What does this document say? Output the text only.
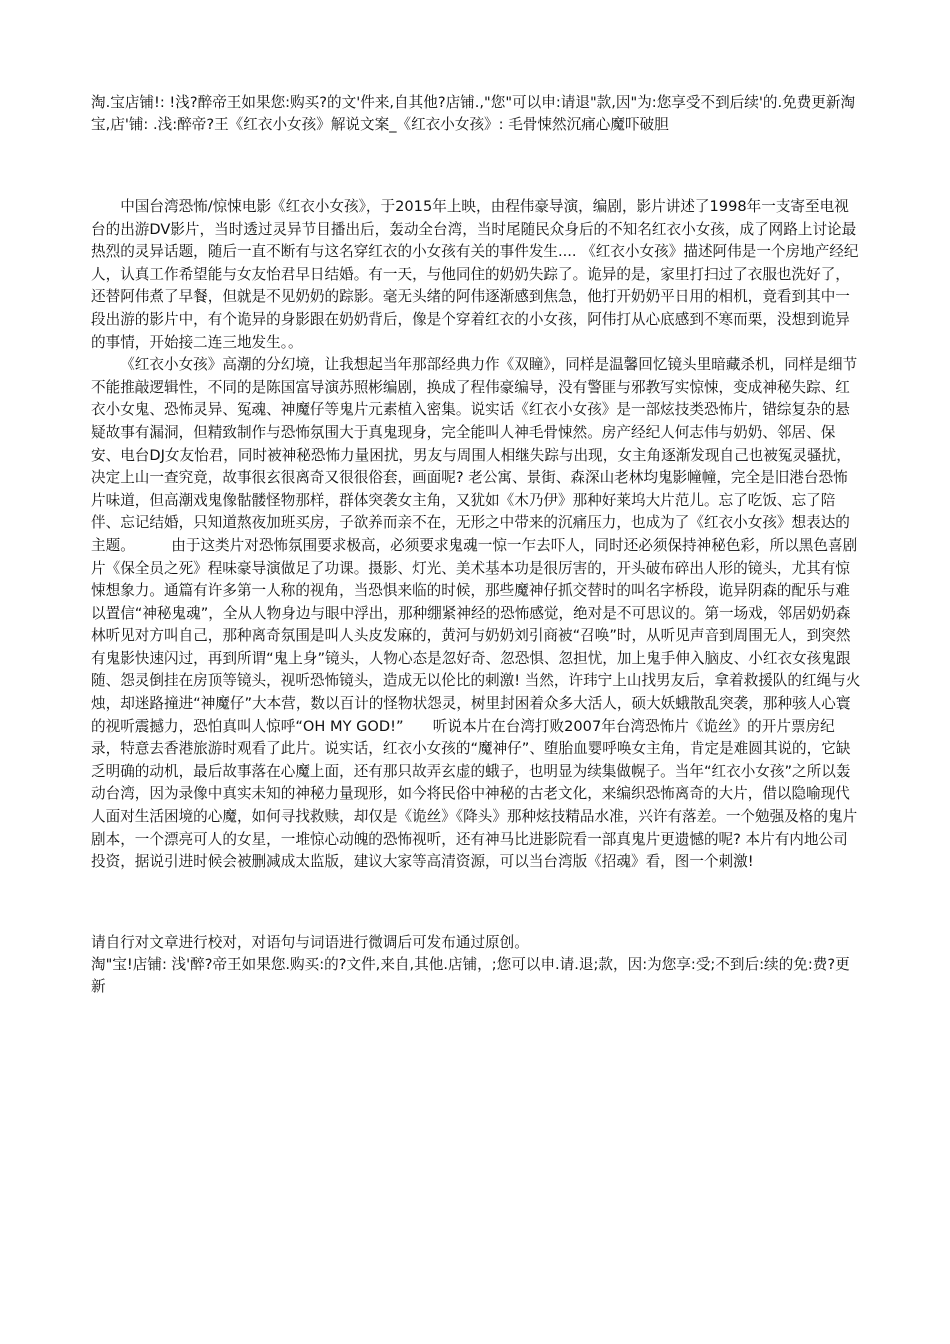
淘.宝店铺!: !浅?醉帝王如果您:购买?的文'件来,自其他?店铺.,"您"可以申:请退"款,因"为:您享受不到后续'的.免费更新淘宝,店'铺: .浅:醉帝?王《红衣小女孩》解说文案_《红衣小女孩》: 毛骨悚然沉痛心魔吓破胆

中国台湾恐怖/惊悚电影《红衣小女孩》，于2015年上映，由程伟豪导演，编剧，影片讲述了1998年一支寄至电视台的出游DV影片，当时透过灵异节目播出后，轰动全台湾，当时尾随民众身后的不知名红衣小女孩，成了网路上讨论最热烈的灵异话题，随后一直不断有与这名穿红衣的小女孩有关的事件发生.... 《红衣小女孩》描述阿伟是一个房地产经纪人，认真工作希望能与女友怡君早日结婚。有一天，与他同住的奶奶失踪了。诡异的是，家里打扫过了衣服也洗好了，还替阿伟煮了早餐，但就是不见奶奶的踪影。毫无头绪的阿伟逐渐感到焦急，他打开奶奶平日用的相机，竟看到其中一段出游的影片中，有个诡异的身影跟在奶奶背后，像是个穿着红衣的小女孩，阿伟打从心底感到不寒而栗，没想到诡异的事情，开始接二连三地发生。。

《红衣小女孩》高潮的分幻境，让我想起当年那部经典力作《双瞳》，同样是温馨回忆镜头里暗藏杀机，同样是细节不能推敲逻辑性，不同的是陈国富导演苏照彬编剧，换成了程伟豪编导，没有警匪与邪教写实惊悚，变成神秘失踪、红衣小女鬼、恐怖灵异、冤魂、神魔仔等鬼片元素植入密集。说实话《红衣小女孩》是一部炫技类恐怖片，错综复杂的悬疑故事有漏洞，但精致制作与恐怖氛围大于真鬼现身，完全能叫人神毛骨悚然。房产经纪人何志伟与奶奶、邻居、保安、电台DJ女友怡君，同时被神秘恐怖力量困扰，男友与周围人相继失踪与出现，女主角逐渐发现自己也被冤灵骚扰，决定上山一查究竟，故事很玄很离奇又很很俗套，画面呢? 老公寓、景街、森深山老林均鬼影幢幢，完全是旧港台恐怖片味道，但高潮戏鬼像骷髅怪物那样，群体突袭女主角，又犹如《木乃伊》那种好莱坞大片范儿。忘了吃饭、忘了陪伴、忘记结婚，只知道熬夜加班买房，子欲养而亲不在，无形之中带来的沉痛压力，也成为了《红衣小女孩》想表达的主题。　　　由于这类片对恐怖氛围要求极高，必须要求鬼魂一惊一乍去吓人，同时还必须保持神秘色彩，所以黑色喜剧片《保全员之死》程味豪导演做足了功课。摄影、灯光、美术基本功是很厉害的，开头破布碎出人形的镜头，尤其有惊悚想象力。通篇有许多第一人称的视角，当恐惧来临的时候，那些魔神仔抓交替时的叫名字桥段，诡异阴森的配乐与难以置信“神秘鬼魂”，全从人物身边与眼中浮出，那种绷紧神经的恐怖感觉，绝对是不可思议的。第一场戏，邻居奶奶森林听见对方叫自己，那种离奇氛围是叫人头皮发麻的，黄河与奶奶刘引商被“召唤”时，从听见声音到周围无人，到突然有鬼影快速闪过，再到所谓“鬼上身”镜头，人物心态是忽好奇、忽恐惧、忽担忧，加上鬼手伸入脑皮、小红衣女孩鬼跟随、怨灵倒挂在房顶等镜头，视听恐怖镜头，造成无以伦比的刺激! 当然，许玮宁上山找男友后，拿着救援队的红绳与火烛，却迷路撞进“神魔仔”大本营，数以百计的怪物状怨灵，树里封困着众多大活人，硕大妖蛾散乱突袭，那种骇人心寰的视听震撼力，恐怕真叫人惊呼“OH MY GOD!”　　听说本片在台湾打败2007年台湾恐怖片《诡丝》的开片票房纪录，特意去香港旅游时观看了此片。说实话，红衣小女孩的“魔神仔”、堕胎血婴呼唤女主角，肯定是难圆其说的，它缺乏明确的动机，最后故事落在心魔上面，还有那只故弄玄虚的蛾子，也明显为续集做幌子。当年“红衣小女孩”之所以轰动台湾，因为录像中真实未知的神秘力量现形，如今将民俗中神秘的古老文化，来编织恐怖离奇的大片，借以隐喻现代人面对生活困境的心魔，如何寻找救赎，却仅是《诡丝》《降头》那种炫技精品水准，兴许有落差。一个勉强及格的鬼片剧本，一个漂亮可人的女星，一堆惊心动魄的恐怖视听，还有神马比进影院看一部真鬼片更遗憾的呢? 本片有内地公司投资，据说引进时候会被删减成太监版，建议大家等高清资源，可以当台湾版《招魂》看，图一个刺激!

请自行对文章进行校对，对语句与词语进行微调后可发布通过原创。

淘"宝!店铺: 浅'醉?帝王如果您.购买:的?文件,来自,其他.店铺，;您可以申.请.退;款，因:为您享:受;不到后:续的免:费?更新
